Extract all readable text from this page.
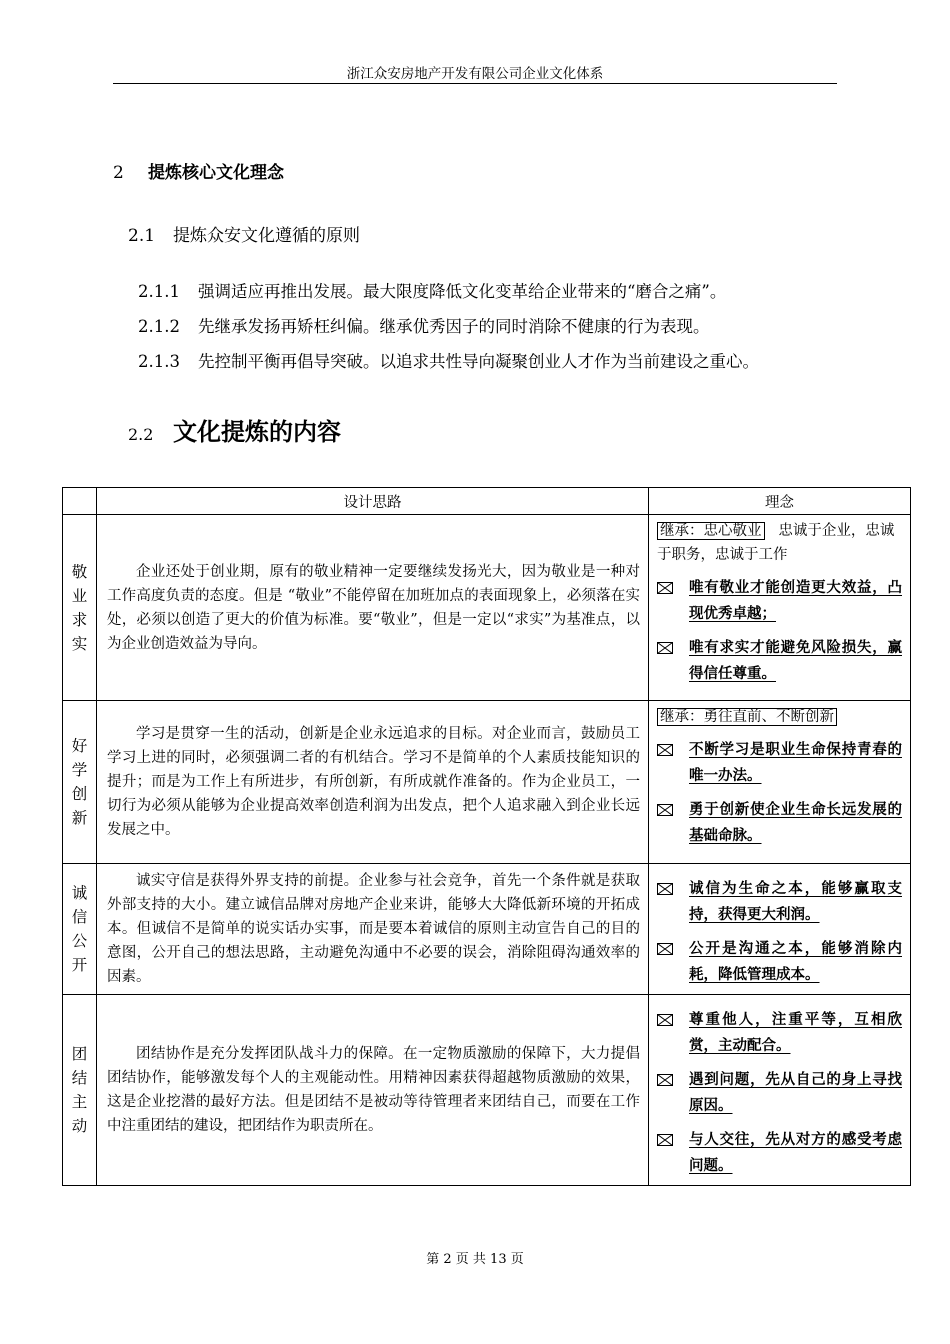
浙江众安房地产开发有限公司企业文化体系
2 提炼核心文化理念
2.1 提炼众安文化遵循的原则
2.1.1 强调适应再推出发展。最大限度降低文化变革给企业带来的“磨合之痛”。
2.1.2 先继承发扬再矫枉纠偏。继承优秀因子的同时消除不健康的行为表现。
2.1.3 先控制平衡再倡导突破。以追求共性导向凝聚创业人才作为当前建设之重心。
2.2 文化提炼的内容
	设计思路	理念

敬业求实	企业还处于创业期，原有的敬业精神一定要继续发扬光大，因为敬业是一种对工作高度负责的态度。但是 “敬业”不能停留在加班加点的表面现象上，必须落在实处，必须以创造了更大的价值为标准。要“敬业”，但是一定以“求实”为基准点，以为企业创造效益为导向。	继承：忠心敬业 忠诚于企业，忠诚于职务，忠诚于工作
唯有敬业才能创造更大效益，凸现优秀卓越；
唯有求实才能避免风险损失，赢得信任尊重。

好学创新	学习是贯穿一生的活动，创新是企业永远追求的目标。对企业而言，鼓励员工学习上进的同时，必须强调二者的有机结合。学习不是简单的个人素质技能知识的提升；而是为工作上有所进步，有所创新，有所成就作准备的。作为企业员工，一切行为必须从能够为企业提高效率创造利润为出发点，把个人追求融入到企业长远发展之中。	继承：勇往直前、不断创新
不断学习是职业生命保持青春的唯一办法。
勇于创新使企业生命长远发展的基础命脉。

诚信公开	诚实守信是获得外界支持的前提。企业参与社会竞争，首先一个条件就是获取外部支持的大小。建立诚信品牌对房地产企业来讲，能够大大降低新环境的开拓成本。但诚信不是简单的说实话办实事，而是要本着诚信的原则主动宣告自己的目的意图，公开自己的想法思路，主动避免沟通中不必要的误会，消除阻碍沟通效率的因素。	诚信为生命之本，能够赢取支持，获得更大利润。
公开是沟通之本，能够消除内耗，降低管理成本。

团结主动	团结协作是充分发挥团队战斗力的保障。在一定物质激励的保障下，大力提倡团结协作，能够激发每个人的主观能动性。用精神因素获得超越物质激励的效果，这是企业挖潜的最好方法。但是团结不是被动等待管理者来团结自己，而要在工作中注重团结的建设，把团结作为职责所在。	尊重他人，注重平等，互相欣赏，主动配合。
遇到问题，先从自己的身上寻找原因。
与人交往，先从对方的感受考虑问题。
第 2 页 共 13 页
